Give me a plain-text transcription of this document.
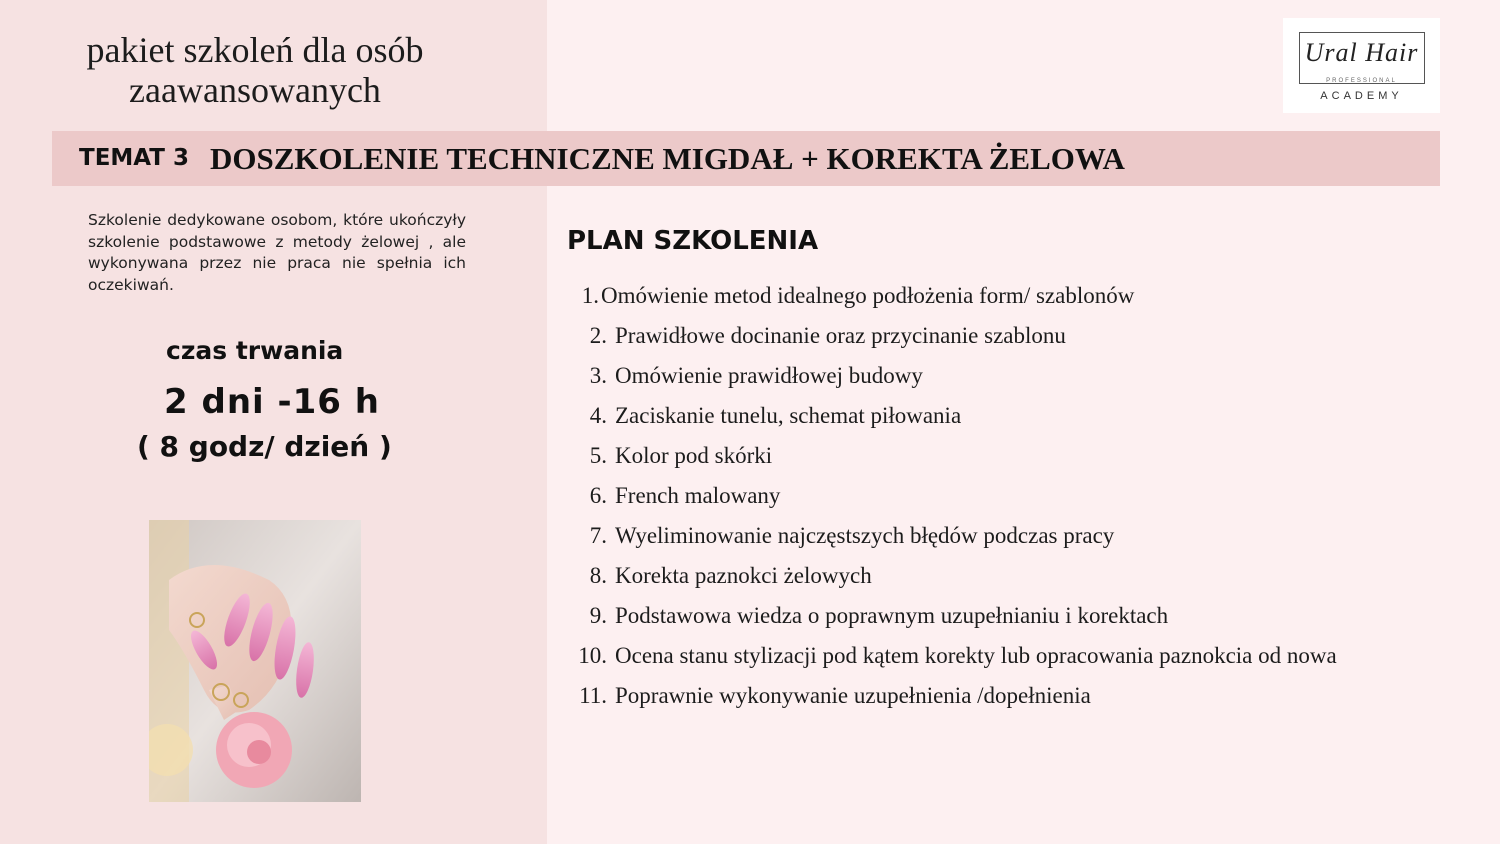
pakiet szkoleń dla osób zaawansowanych
Ural Hair
PROFESSIONAL
ACADEMY
TEMAT 3 DOSZKOLENIE TECHNICZNE MIGDAŁ + KOREKTA ŻELOWA
Szkolenie dedykowane osobom, które ukończyły szkolenie podstawowe z metody żelowej , ale wykonywana przez nie praca nie spełnia ich oczekiwań.
czas trwania
2 dni -16 h
( 8 godz/ dzień )
PLAN SZKOLENIA
1.Omówienie metod idealnego podłożenia form/ szablonów
2. Prawidłowe docinanie oraz przycinanie szablonu
3. Omówienie prawidłowej budowy
4. Zaciskanie tunelu, schemat piłowania
5. Kolor pod skórki
6. French malowany
7. Wyeliminowanie najczęstszych błędów podczas pracy
8. Korekta paznokci żelowych
9. Podstawowa wiedza o poprawnym uzupełnianiu i korektach
10. Ocena stanu stylizacji pod kątem korekty lub opracowania paznokcia od nowa
11. Poprawnie wykonywanie uzupełnienia /dopełnienia
